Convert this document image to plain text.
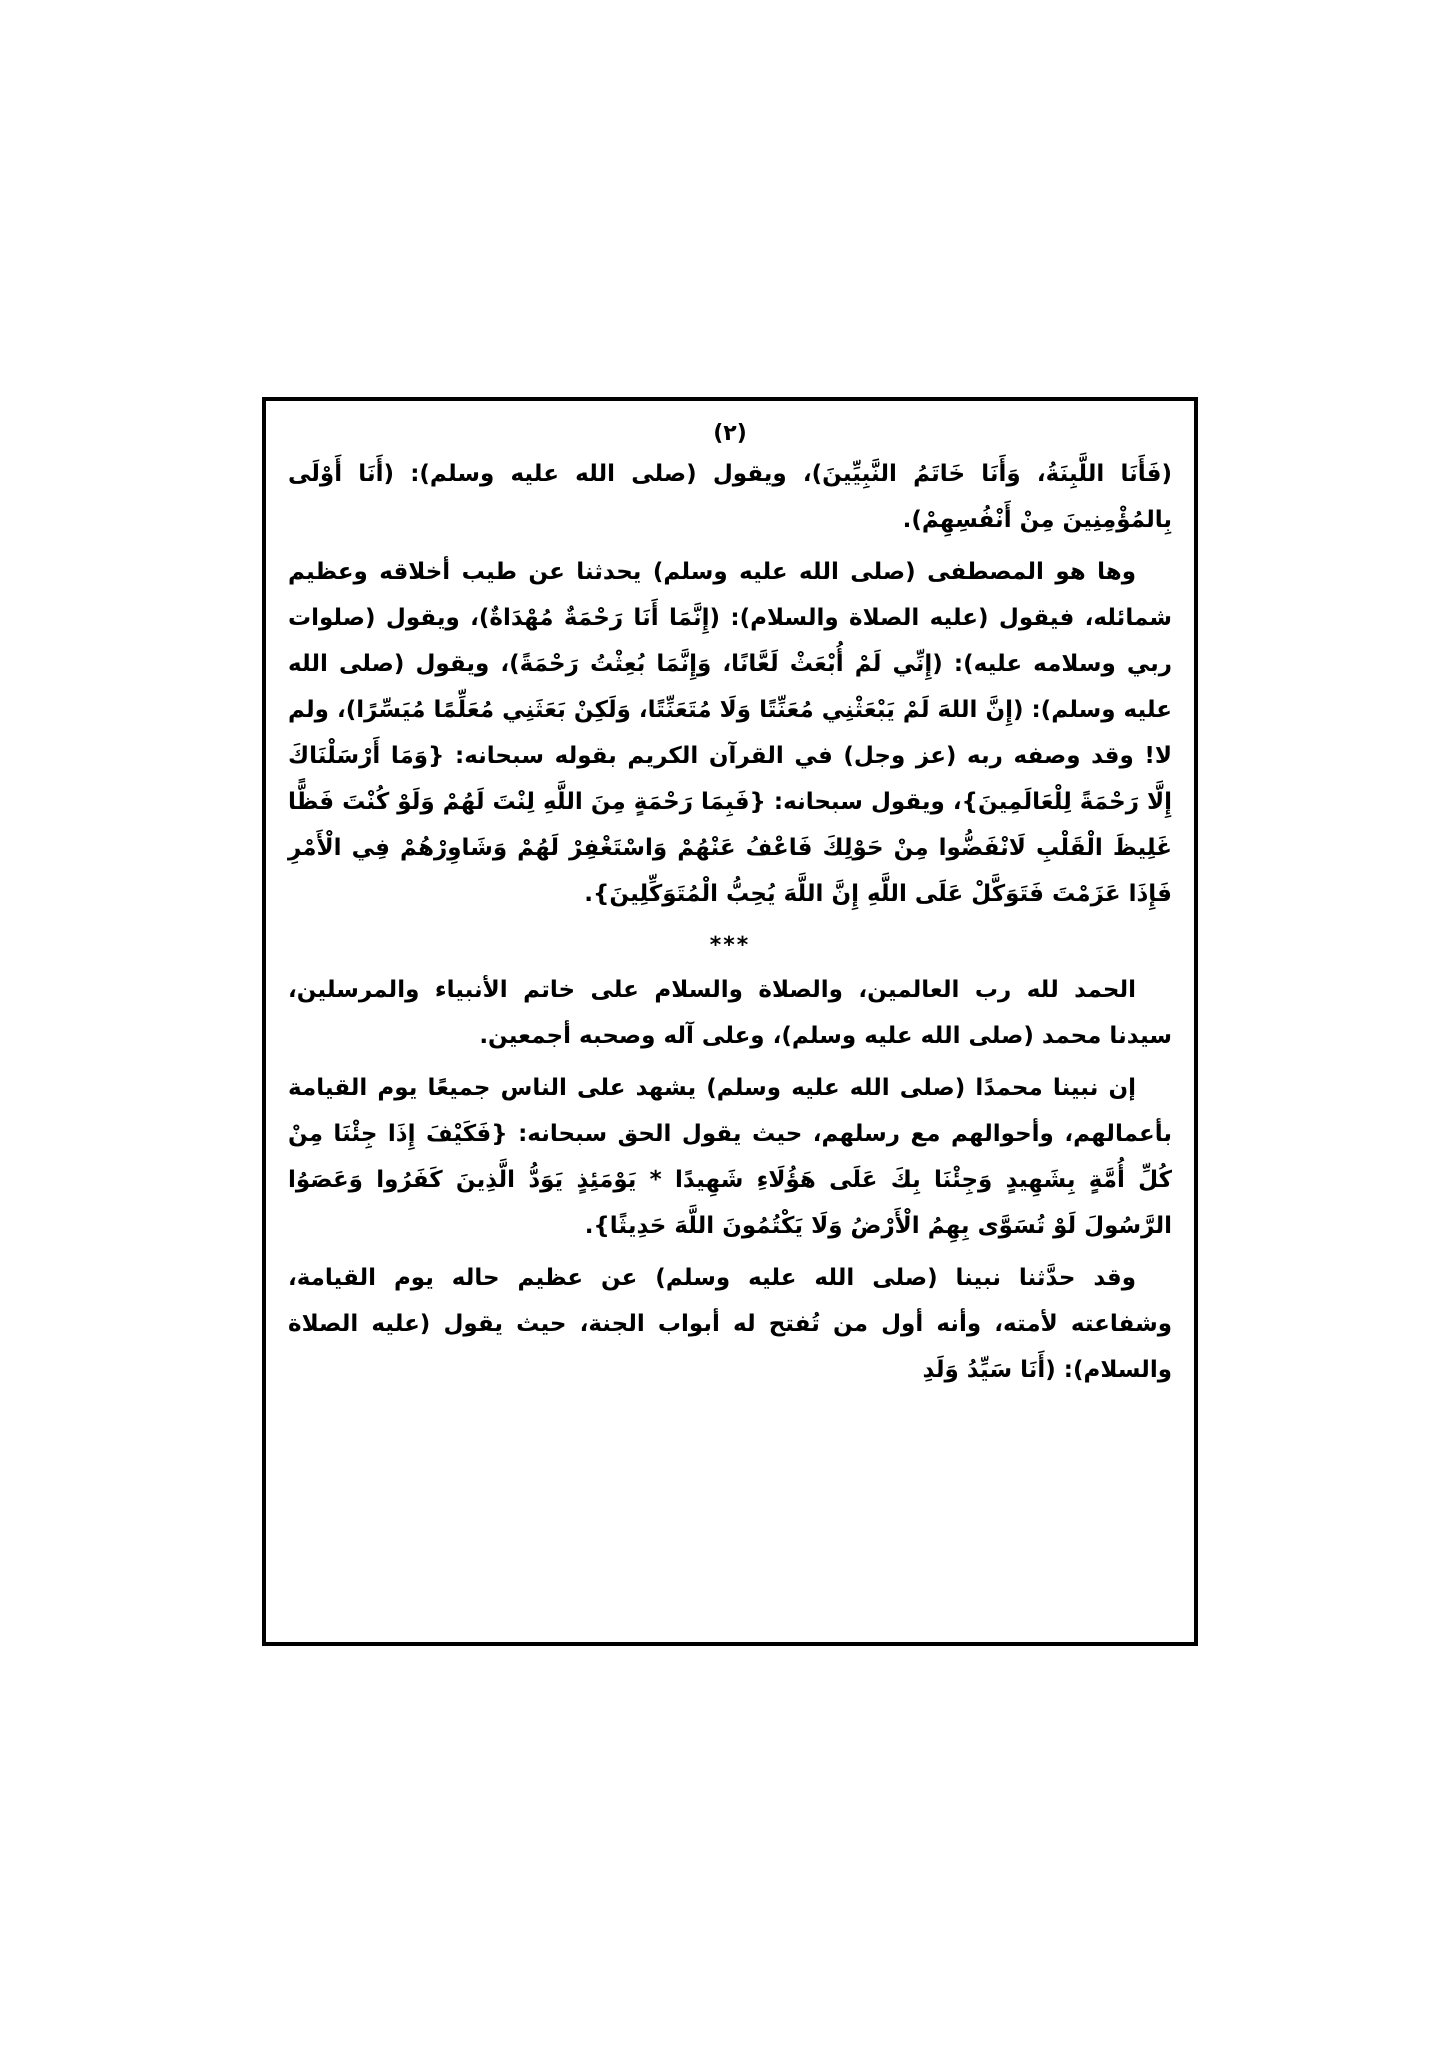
(٢)

(فَأَنَا اللَّبِنَةُ، وَأَنَا خَاتَمُ النَّبِيِّينَ)، ويقول (صلى الله عليه وسلم): (أَنَا أَوْلَى بِالمُؤْمِنِينَ مِنْ أَنْفُسِهِمْ).

وها هو المصطفى (صلى الله عليه وسلم) يحدثنا عن طيب أخلاقه وعظيم شمائله، فيقول (عليه الصلاة والسلام): (إِنَّمَا أَنَا رَحْمَةٌ مُهْدَاةٌ)، ويقول (صلوات ربي وسلامه عليه): (إِنِّي لَمْ أُبْعَثْ لَعَّانًا، وَإِنَّمَا بُعِثْتُ رَحْمَةً)، ويقول (صلى الله عليه وسلم): (إِنَّ اللهَ لَمْ يَبْعَثْنِي مُعَنِّتًا وَلَا مُتَعَنِّتًا، وَلَكِنْ بَعَثَنِي مُعَلِّمًا مُيَسِّرًا)، ولم لا! وقد وصفه ربه (عز وجل) في القرآن الكريم بقوله سبحانه: {وَمَا أَرْسَلْنَاكَ إِلَّا رَحْمَةً لِلْعَالَمِينَ}، ويقول سبحانه: {فَبِمَا رَحْمَةٍ مِنَ اللَّهِ لِنْتَ لَهُمْ وَلَوْ كُنْتَ فَظًّا غَلِيظَ الْقَلْبِ لَانْفَضُّوا مِنْ حَوْلِكَ فَاعْفُ عَنْهُمْ وَاسْتَغْفِرْ لَهُمْ وَشَاوِرْهُمْ فِي الْأَمْرِ فَإِذَا عَزَمْتَ فَتَوَكَّلْ عَلَى اللَّهِ إِنَّ اللَّهَ يُحِبُّ الْمُتَوَكِّلِينَ}.

***

الحمد لله رب العالمين، والصلاة والسلام على خاتم الأنبياء والمرسلين، سيدنا محمد (صلى الله عليه وسلم)، وعلى آله وصحبه أجمعين.

إن نبينا محمدًا (صلى الله عليه وسلم) يشهد على الناس جميعًا يوم القيامة بأعمالهم، وأحوالهم مع رسلهم، حيث يقول الحق سبحانه: {فَكَيْفَ إِذَا جِئْنَا مِنْ كُلِّ أُمَّةٍ بِشَهِيدٍ وَجِئْنَا بِكَ عَلَى هَؤُلَاءِ شَهِيدًا * يَوْمَئِذٍ يَوَدُّ الَّذِينَ كَفَرُوا وَعَصَوُا الرَّسُولَ لَوْ تُسَوَّى بِهِمُ الْأَرْضُ وَلَا يَكْتُمُونَ اللَّهَ حَدِيثًا}.

وقد حدَّثنا نبينا (صلى الله عليه وسلم) عن عظيم حاله يوم القيامة، وشفاعته لأمته، وأنه أول من تُفتح له أبواب الجنة، حيث يقول (عليه الصلاة والسلام): (أَنَا سَيِّدُ وَلَدِ
